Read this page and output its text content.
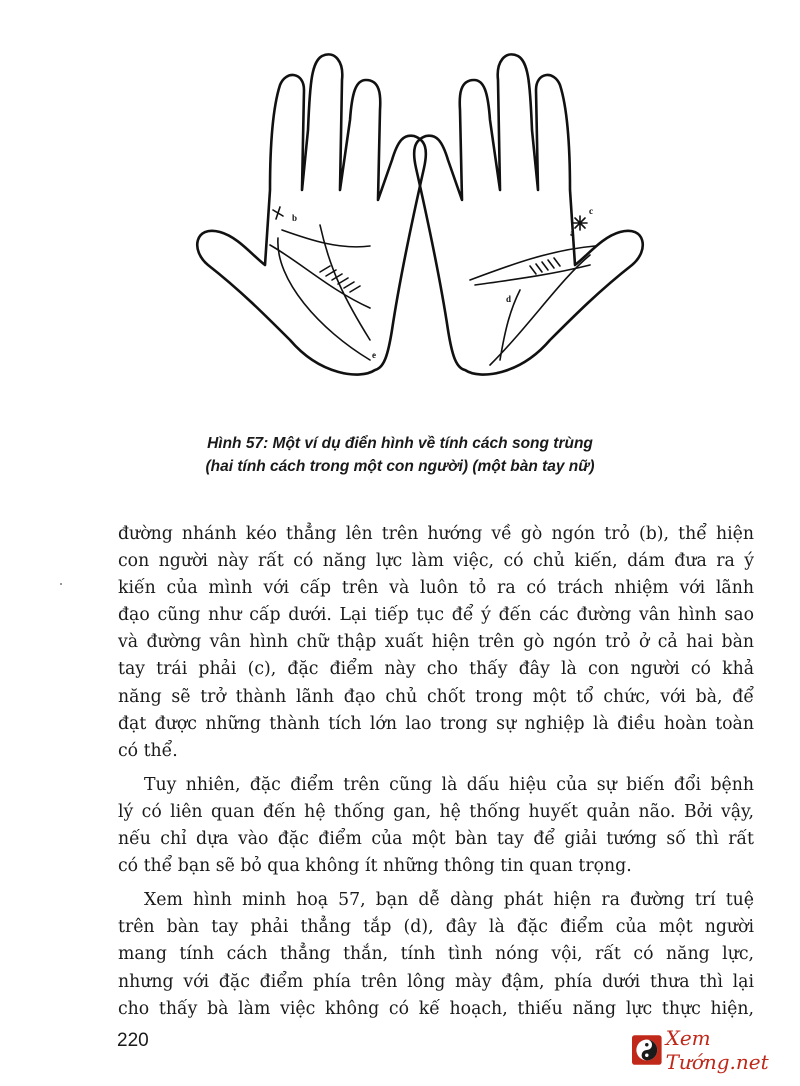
b
c
a
d
e
Hình 57: Một ví dụ điển hình về tính cách song trùng
(hai tính cách trong một con người) (một bàn tay nữ)

đường nhánh kéo thẳng lên trên hướng về gò ngón trỏ (b), thể hiện
con người này rất có năng lực làm việc, có chủ kiến, dám đưa ra ý
kiến của mình với cấp trên và luôn tỏ ra có trách nhiệm với lãnh
đạo cũng như cấp dưới. Lại tiếp tục để ý đến các đường vân hình sao
và đường vân hình chữ thập xuất hiện trên gò ngón trỏ ở cả hai bàn
tay trái phải (c), đặc điểm này cho thấy đây là con người có khả
năng sẽ trở thành lãnh đạo chủ chốt trong một tổ chức, với bà, để
đạt được những thành tích lớn lao trong sự nghiệp là điều hoàn toàn
có thể.

Tuy nhiên, đặc điểm trên cũng là dấu hiệu của sự biến đổi bệnh
lý có liên quan đến hệ thống gan, hệ thống huyết quản não. Bởi vậy,
nếu chỉ dựa vào đặc điểm của một bàn tay để giải tướng số thì rất
có thể bạn sẽ bỏ qua không ít những thông tin quan trọng.

Xem hình minh hoạ 57, bạn dễ dàng phát hiện ra đường trí tuệ
trên bàn tay phải thẳng tắp (d), đây là đặc điểm của một người
mang tính cách thẳng thắn, tính tình nóng vội, rất có năng lực,
nhưng với đặc điểm phía trên lông mày đậm, phía dưới thưa thì lại
cho thấy bà làm việc không có kế hoạch, thiếu năng lực thực hiện,

220	Xem Tướng.net
